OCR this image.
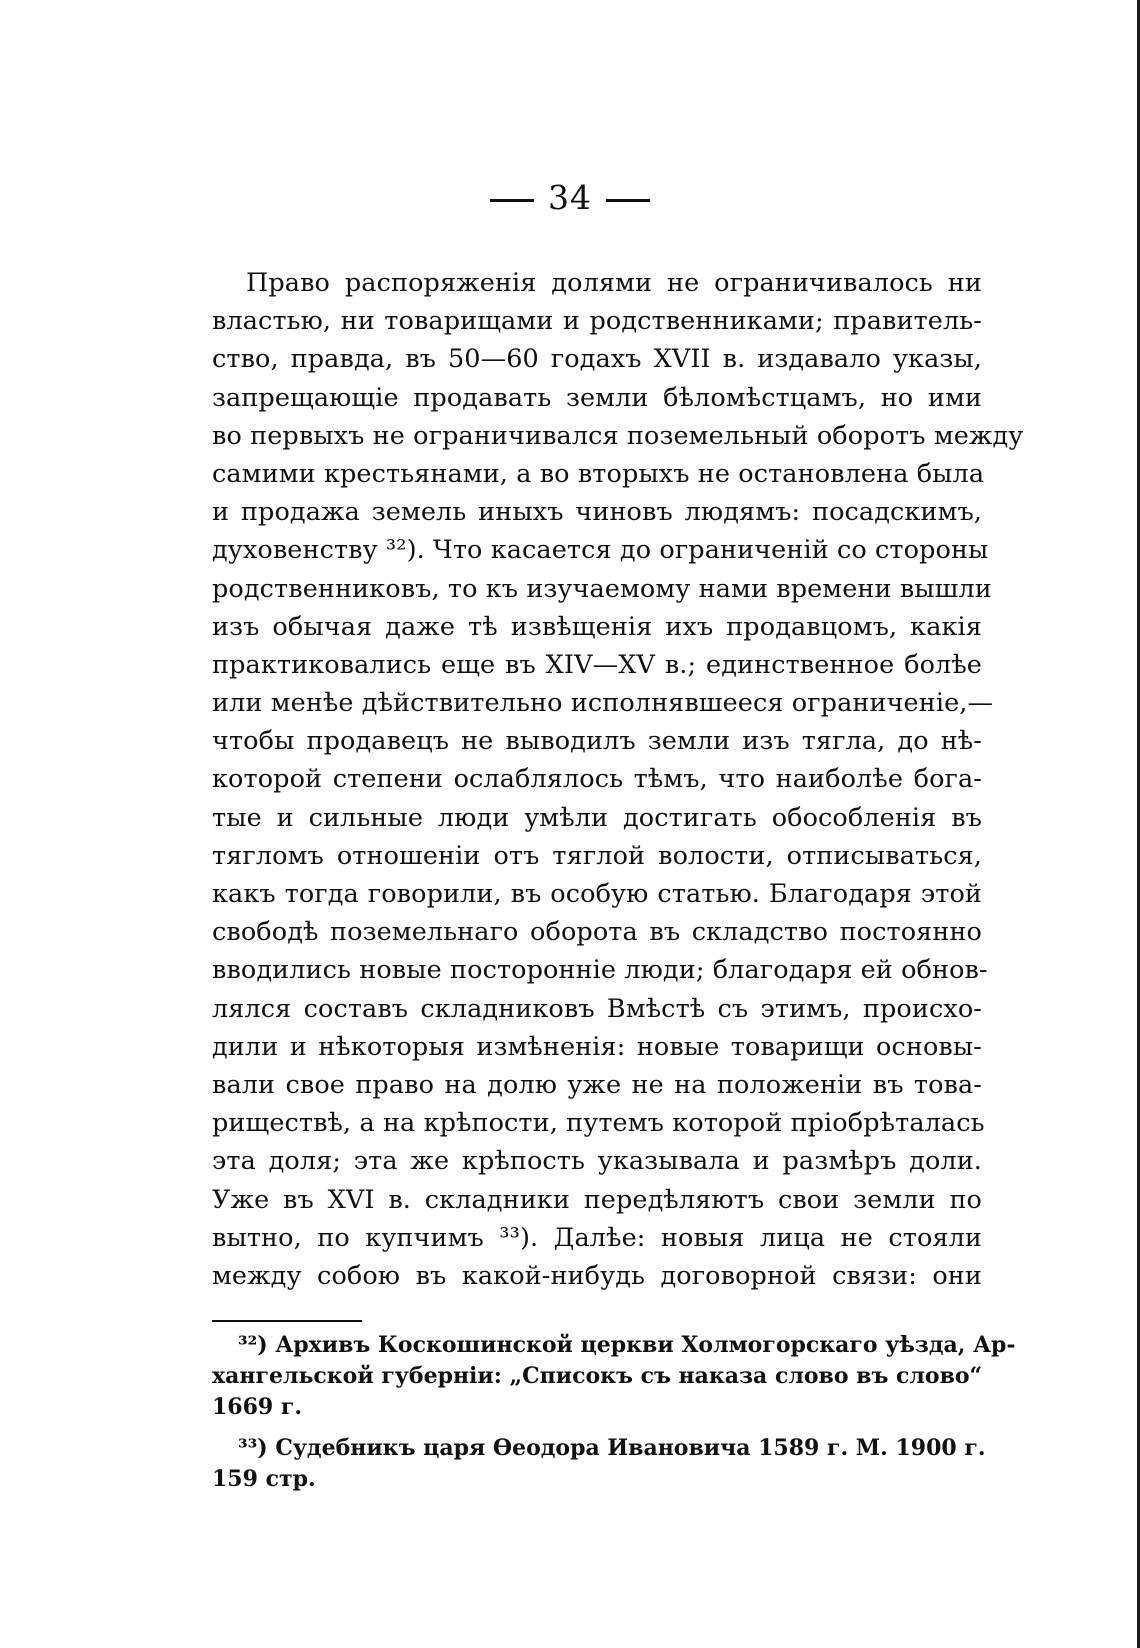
34
Право распоряженія долями не ограничивалось ни
властью, ни товарищами и родственниками; правитель-
ство, правда, въ 50—60 годахъ XVII в. издавало указы,
запрещающіе продавать земли бѣломѣстцамъ, но ими
во первыхъ не ограничивался поземельный оборотъ между
самими крестьянами, а во вторыхъ не остановлена была
и продажа земель иныхъ чиновъ людямъ: посадскимъ,
духовенству ³²). Что касается до ограниченій со стороны
родственниковъ, то къ изучаемому нами времени вышли
изъ обычая даже тѣ извѣщенія ихъ продавцомъ, какія
практиковались еще въ XIV—XV в.; единственное болѣе
или менѣе дѣйствительно исполнявшееся ограниченіе,—
чтобы продавецъ не выводилъ земли изъ тягла, до нѣ-
которой степени ослаблялось тѣмъ, что наиболѣе бога-
тые и сильные люди умѣли достигать обособленія въ
тягломъ отношеніи отъ тяглой волости, отписываться,
какъ тогда говорили, въ особую статью. Благодаря этой
свободѣ поземельнаго оборота въ складство постоянно
вводились новые посторонніе люди; благодаря ей обнов-
лялся составъ складниковъ Вмѣстѣ съ этимъ, происхо-
дили и нѣкоторыя измѣненія: новые товарищи основы-
вали свое право на долю уже не на положеніи въ това-
риществѣ, а на крѣпости, путемъ которой пріобрѣталась
эта доля; эта же крѣпость указывала и размѣръ доли.
Уже въ XVI в. складники передѣляютъ свои земли по
вытно, по купчимъ ³³). Далѣе: новыя лица не стояли
между собою въ какой-нибудь договорной связи: они
³²) Архивъ Коскошинской церкви Холмогорскаго уѣзда, Ар-
хангельской губерніи: „Списокъ съ наказа слово въ слово“
1669 г.
³³) Судебникъ царя Ѳеодора Ивановича 1589 г. М. 1900 г.
159 стр.
